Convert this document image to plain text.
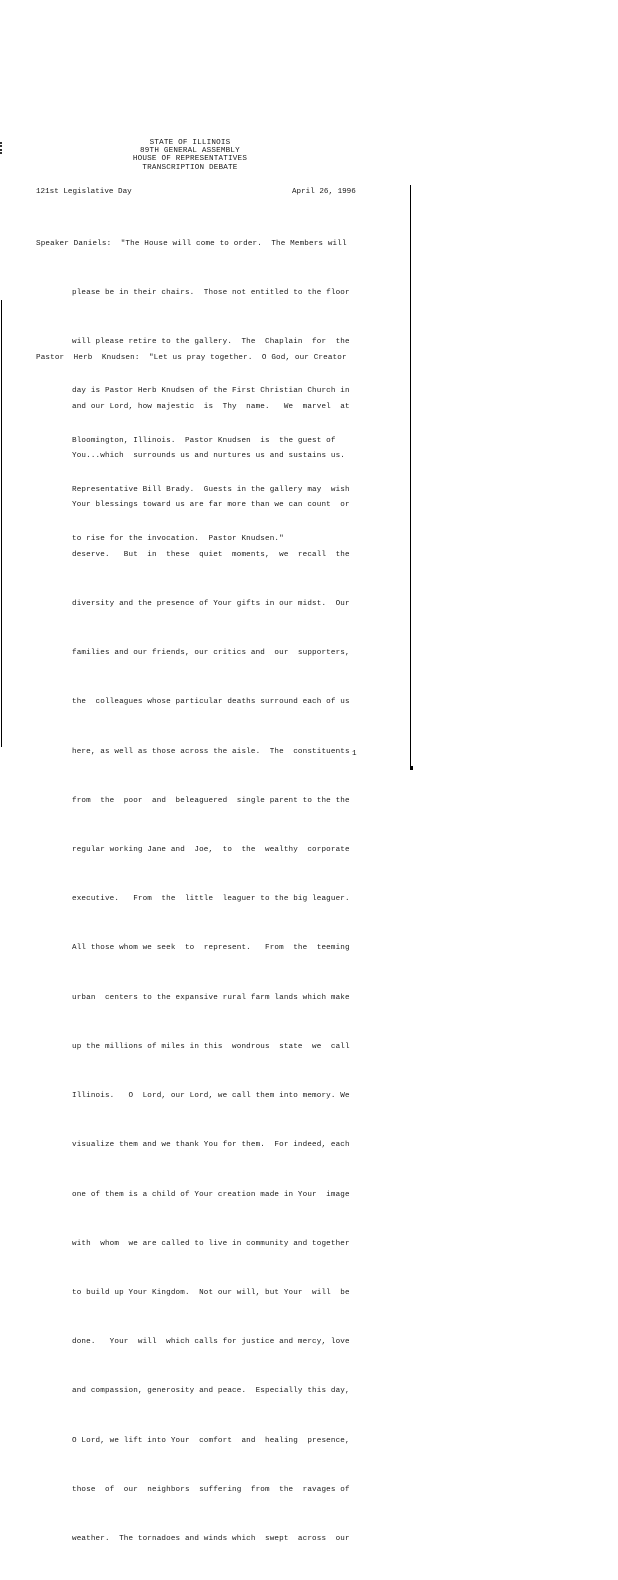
STATE OF ILLINOIS
89TH GENERAL ASSEMBLY
HOUSE OF REPRESENTATIVES
TRANSCRIPTION DEBATE
121st Legislative Day	April 26, 1996

Speaker Daniels:  "The House will come to order.  The Members will

please be in their chairs.  Those not entitled to the floor

will please retire to the gallery.  The  Chaplain  for  the

day is Pastor Herb Knudsen of the First Christian Church in

Bloomington, Illinois.  Pastor Knudsen  is  the guest of

Representative Bill Brady.  Guests in the gallery may  wish

to rise for the invocation.  Pastor Knudsen."

Pastor  Herb  Knudsen:  "Let us pray together.  O God, our Creator

and our Lord, how majestic  is  Thy  name.   We  marvel  at

You...which  surrounds us and nurtures us and sustains us.

Your blessings toward us are far more than we can count  or

deserve.   But  in  these  quiet  moments,  we  recall  the

diversity and the presence of Your gifts in our midst.  Our

families and our friends, our critics and  our  supporters,

the  colleagues whose particular deaths surround each of us

here, as well as those across the aisle.  The  constituents

from  the  poor  and  beleaguered  single parent to the the

regular working Jane and  Joe,  to  the  wealthy  corporate

executive.   From  the  little  leaguer to the big leaguer.

All those whom we seek  to  represent.   From  the  teeming

urban  centers to the expansive rural farm lands which make

up the millions of miles in this  wondrous  state  we  call

Illinois.   O  Lord, our Lord, we call them into memory. We

visualize them and we thank You for them.  For indeed, each

one of them is a child of Your creation made in Your  image

with  whom  we are called to live in community and together

to build up Your Kingdom.  Not our will, but Your  will  be

done.   Your  will  which calls for justice and mercy, love

and compassion, generosity and peace.  Especially this day,

O Lord, we lift into Your  comfort  and  healing  presence,

those  of  our  neighbors  suffering  from  the  ravages of

weather.  The tornadoes and winds which  swept  across  our

1
